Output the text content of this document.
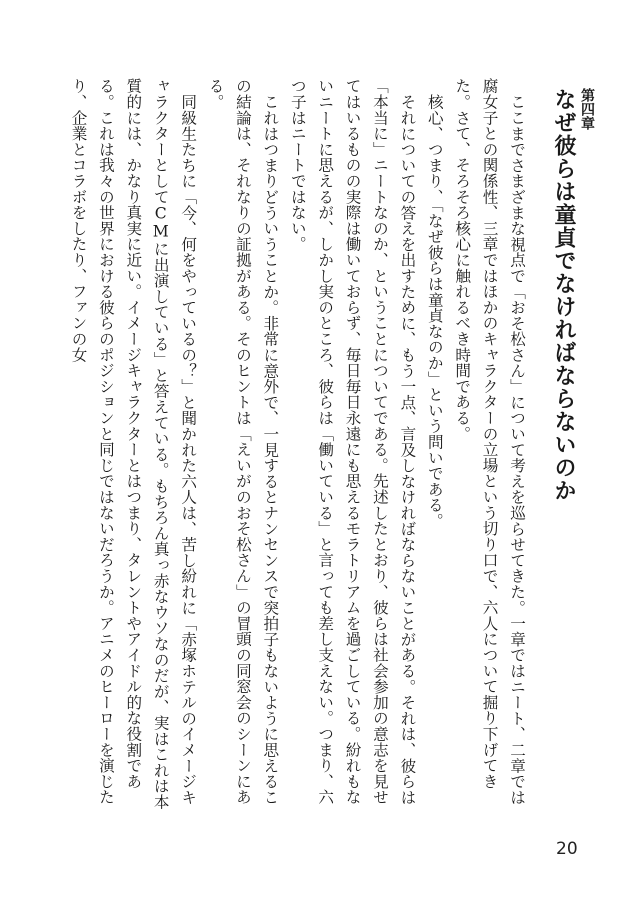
第四章
なぜ彼らは童貞でなければならないのか

ここまでさまざまな視点で「おそ松さん」について考えを巡らせてきた。一章ではニート、二章では腐女子との関係性、三章ではほかのキャラクターの立場という切り口で、六人について掘り下げてきた。さて、そろそろ核心に触れるべき時間である。

核心、つまり、「なぜ彼らは童貞なのか」という問いである。

それについての答えを出すために、もう一点、言及しなければならないことがある。それは、彼らは「本当に」ニートなのか、ということについてである。先述したとおり、彼らは社会参加の意志を見せてはいるものの実際は働いておらず、毎日毎日永遠にも思えるモラトリアムを過ごしている。紛れもないニートに思えるが、しかし実のところ、彼らは「働いている」と言っても差し支えない。つまり、六つ子はニートではない。

これはつまりどういうことか。非常に意外で、一見するとナンセンスで突拍子もないように思えるこの結論は、それなりの証拠がある。そのヒントは「えいがのおそ松さん」の冒頭の同窓会のシーンにある。

同級生たちに「今、何をやっているの？」と聞かれた六人は、苦し紛れに「赤塚ホテルのイメージキャラクターとしてCMに出演している」と答えている。もちろん真っ赤なウソなのだが、実はこれは本質的には、かなり真実に近い。イメージキャラクターとはつまり、タレントやアイドル的な役割である。これは我々の世界における彼らのポジションと同じではないだろうか。アニメのヒーローを演じたり、企業とコラボをしたり、ファンの女

20
